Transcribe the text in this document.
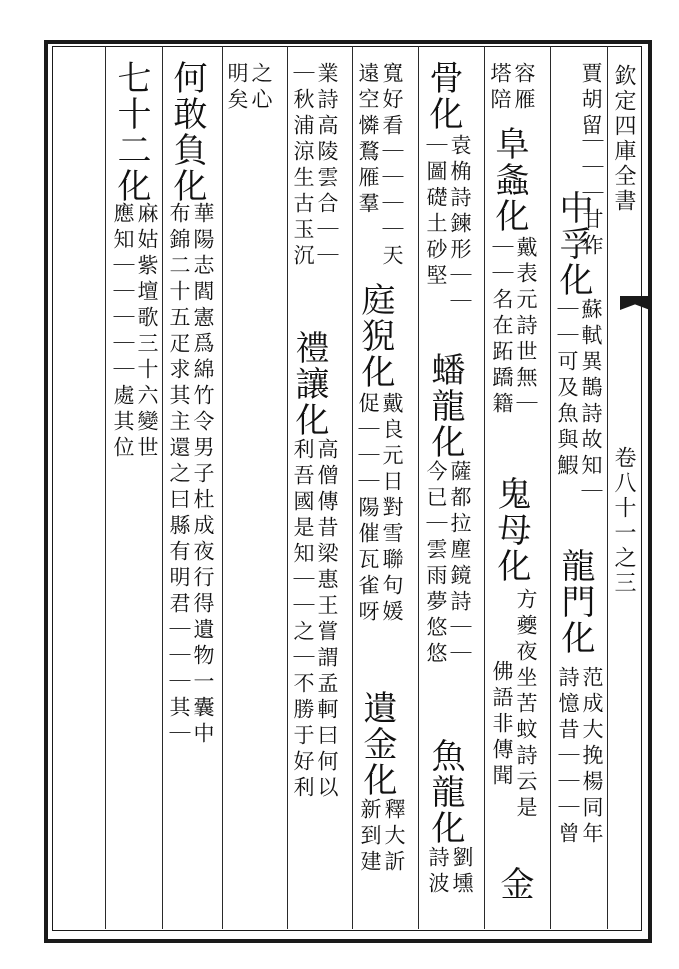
欽定四庫全書
卷八十一之三
賈胡留
｜｜｜甘作
中孚化
蘇軾異鵲詩故知｜
｜｜可及魚與鰕
龍門化
范成大挽楊同年
詩憶昔｜｜｜曾
容雁
塔陪
阜螽化
戴表元詩世無｜
｜｜名在跖蹻籍
鬼母化
方夔夜坐苦蚊詩云是
佛語非傳聞
金
骨化
袁桷詩鍊形｜｜
｜圖礎土砂堅
蟠龍化
薩都拉塵鏡詩｜｜
今已｜雲雨夢悠悠
魚龍化
劉壎
詩波
寬好看｜｜｜｜天
遠空憐鶩雁羣
庭猊化
戴良元日對雪聯句媛
促｜｜｜陽催瓦雀呀
遺金化
釋大訢
新到建
業詩高陵雲合｜｜
｜秋浦涼生古玉沉
禮讓化
高僧傳昔梁惠王嘗謂孟軻曰何以
利吾國是知｜｜之｜不勝于好利
之心
明矣
何敢負化
華陽志閻憲爲綿竹令男子杜成夜行得遺物一囊中
布錦二十五疋求其主還之曰縣有明君｜｜｜其｜
七十二化
麻姑紫壇歌三十六變世
應知｜｜｜｜｜處其位
